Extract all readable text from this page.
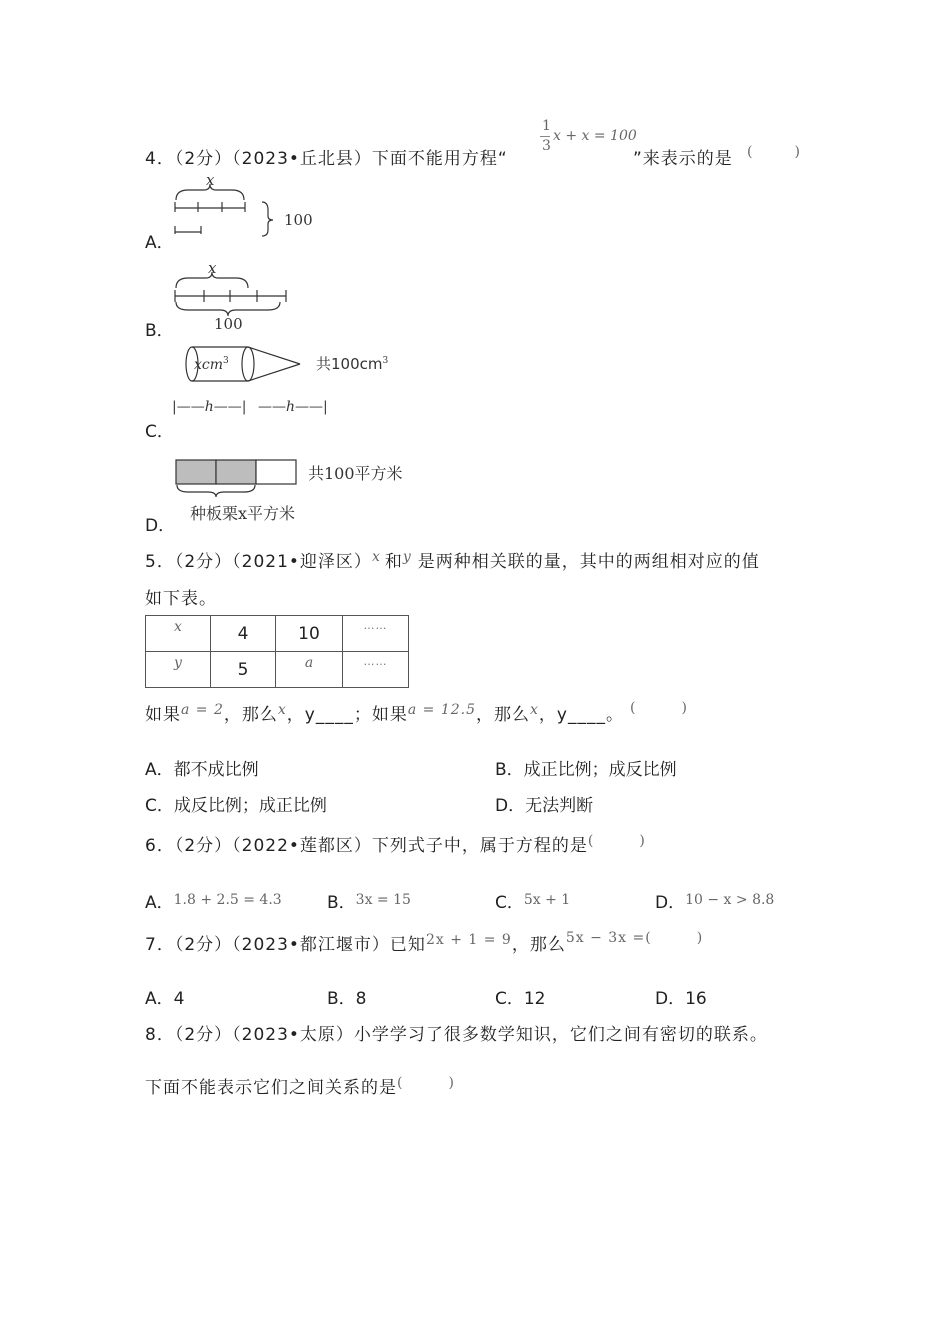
4．（2分）（2023•丘北县）下面不能用方程“
1
3
x + x = 100
”来表示的是 (　　　)
A．
x
100
B．
x
100
C．
xcm$^3$	共$100cm^3$
|——h——| ——h——|
D．
共100平方米
种板栗x平方米
5．（2分）（2021•迎泽区）$^x$ 和$^y$ 是两种相关联的量，其中的两组相对应的值
如下表。
$^x$	4	10	……
$^y$	5	$^a$	……
如果$^{a = 2}$，那么$^x$，y____；如果$^{a = 12.5}$，那么$^x$，y____。 (　　　)
A．都不成比例	B．成正比例；成反比例
C．成反比例；成正比例	D．无法判断
6．（2分）（2022•莲都区）下列式子中，属于方程的是(　　　)
A．$^{1.8 + 2.5 = 4.3}$	B．$^{3x = 15}$	C．$^{5x + 1}$	D．$^{10 - x > 8.8}$
7．（2分）（2023•都江堰市）已知$^{2x + 1 = 9}$，那么$^{5x - 3x =( )}$
A．4	B．8	C．12	D．16
8．（2分）（2023•太原）小学学习了很多数学知识，它们之间有密切的联系。
下面不能表示它们之间关系的是(　　　)
